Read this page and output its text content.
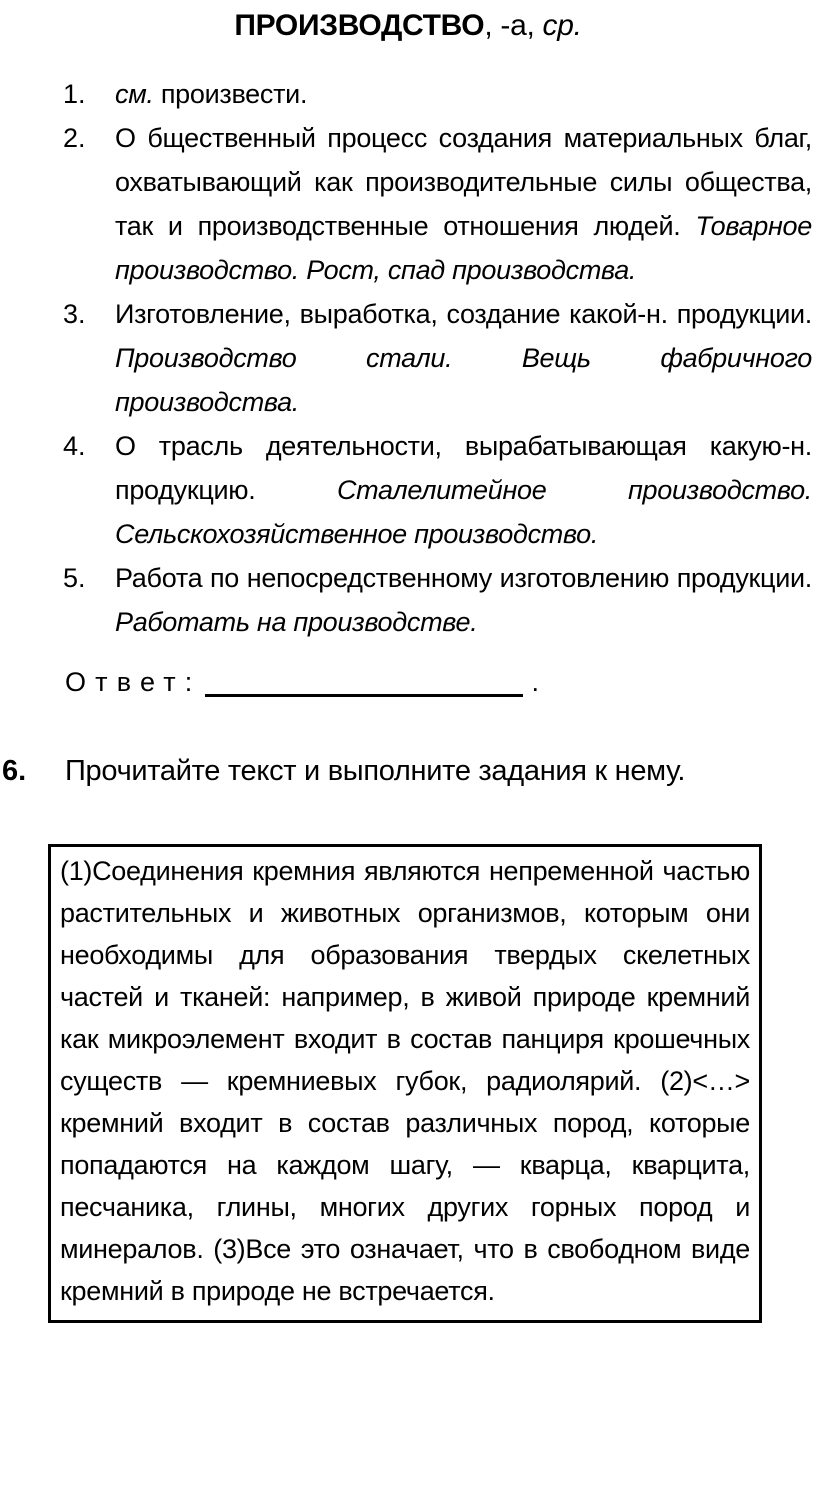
ПРОИЗВОДСТВО, -а, ср.
1. см. произвести.

2. О бщественный процесс создания материальных благ, охватывающий как производительные силы общества, так и производственные отношения людей. Товарное производство. Рост, спад производства.

3. Изготовление, выработка, создание какой-н. продукции. Производство стали. Вещь фабричного производства.

4. О трасль деятельности, вырабатывающая какую-н. продукцию. Сталелитейное производство. Сельскохозяйственное производство.

5. Работа по непосредственному изготовлению продукции. Работать на производстве.

Ответ:	.
6. Прочитайте текст и выполните задания к нему.

(1)Соединения кремния являются непременной частью растительных и животных организмов, которым они необходимы для образования твердых скелетных частей и тканей: например, в живой природе кремний как микроэлемент входит в состав панциря крошечных существ — кремниевых губок, радиолярий. (2)<…> кремний входит в состав различных пород, которые попадаются на каждом шагу, — кварца, кварцита, песчаника, глины, многих других горных пород и минералов. (3)Все это означает, что в свободном виде кремний в природе не встречается.
